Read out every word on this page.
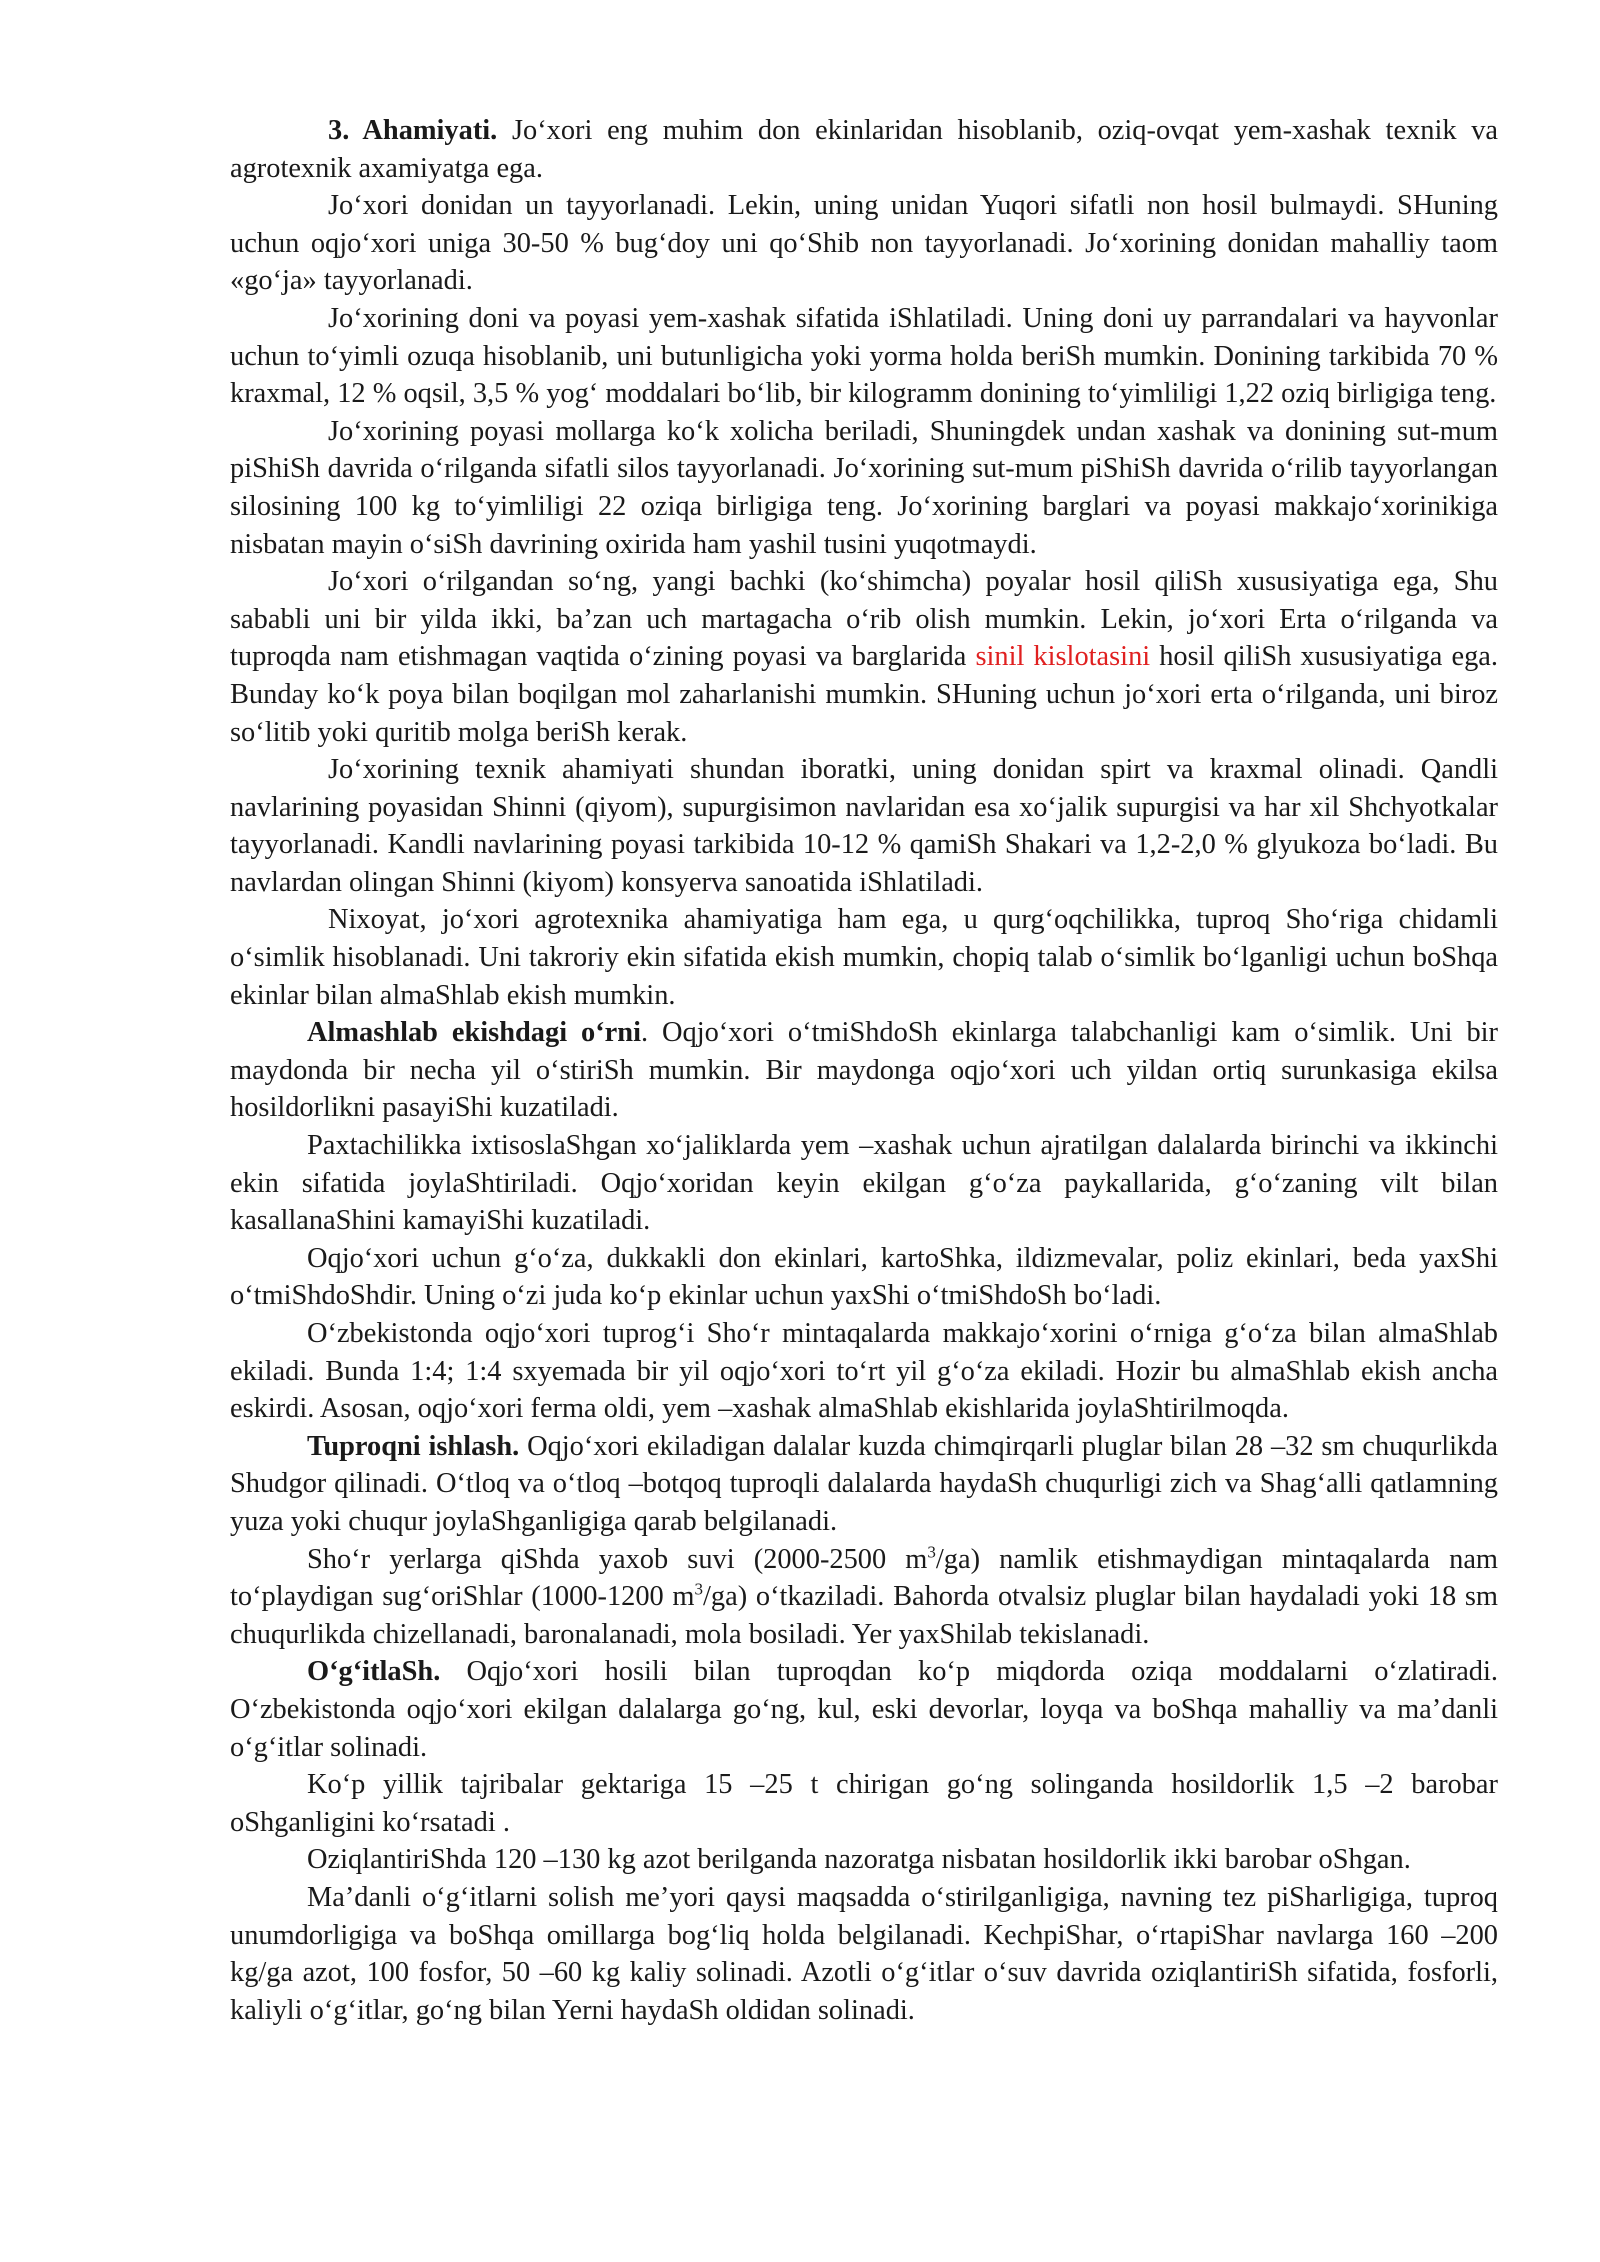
3. Ahamiyati. Jo‘xori eng muhim don ekinlaridan hisoblanib, oziq-ovqat yem-xashak texnik va agrotexnik axamiyatga ega.

Jo‘xori donidan un tayyorlanadi. Lekin, uning unidan Yuqori sifatli non hosil bulmaydi. SHuning uchun oqjo‘xori uniga 30-50 % bug‘doy uni qo‘Shib non tayyorlanadi. Jo‘xorining donidan mahalliy taom «go‘ja» tayyorlanadi.

Jo‘xorining doni va poyasi yem-xashak sifatida iShlatiladi. Uning doni uy parrandalari va hayvonlar uchun to‘yimli ozuqa hisoblanib, uni butunligicha yoki yorma holda beriSh mumkin. Donining tarkibida 70 % kraxmal, 12 % oqsil, 3,5 % yog‘ moddalari bo‘lib, bir kilogramm donining to‘yimliligi 1,22 oziq birligiga teng.

Jo‘xorining poyasi mollarga ko‘k xolicha beriladi, Shuningdek undan xashak va donining sut-mum piShiSh davrida o‘rilganda sifatli silos tayyorlanadi. Jo‘xorining sut-mum piShiSh davrida o‘rilib tayyorlangan silosining 100 kg to‘yimliligi 22 oziqa birligiga teng. Jo‘xorining barglari va poyasi makkajo‘xorinikiga nisbatan mayin o‘siSh davrining oxirida ham yashil tusini yuqotmaydi.

Jo‘xori o‘rilgandan so‘ng, yangi bachki (ko‘shimcha) poyalar hosil qiliSh xususiyatiga ega, Shu sababli uni bir yilda ikki, ba’zan uch martagacha o‘rib olish mumkin. Lekin, jo‘xori Erta o‘rilganda va tuproqda nam etishmagan vaqtida o‘zining poyasi va barglarida sinil kislotasini hosil qiliSh xususiyatiga ega. Bunday ko‘k poya bilan boqilgan mol zaharlanishi mumkin. SHuning uchun jo‘xori erta o‘rilganda, uni biroz so‘litib yoki quritib molga beriSh kerak.

Jo‘xorining texnik ahamiyati shundan iboratki, uning donidan spirt va kraxmal olinadi. Qandli navlarining poyasidan Shinni (qiyom), supurgisimon navlaridan esa xo‘jalik supurgisi va har xil Shchyotkalar tayyorlanadi. Kandli navlarining poyasi tarkibida 10-12 % qamiSh Shakari va 1,2-2,0 % glyukoza bo‘ladi. Bu navlardan olingan Shinni (kiyom) konsyerva sanoatida iShlatiladi.

Nixoyat, jo‘xori agrotexnika ahamiyatiga ham ega, u qurg‘oqchilikka, tuproq Sho‘riga chidamli o‘simlik hisoblanadi. Uni takroriy ekin sifatida ekish mumkin, chopiq talab o‘simlik bo‘lganligi uchun boShqa ekinlar bilan almaShlab ekish mumkin.

Almashlab ekishdagi o‘rni. Oqjo‘xori o‘tmiShdoSh ekinlarga talabchanligi kam o‘simlik. Uni bir maydonda bir necha yil o‘stiriSh mumkin. Bir maydonga oqjo‘xori uch yildan ortiq surunkasiga ekilsa hosildorlikni pasayiShi kuzatiladi.

Paxtachilikka ixtisoslaShgan xo‘jaliklarda yem –xashak uchun ajratilgan dalalarda birinchi va ikkinchi ekin sifatida joylaShtiriladi. Oqjo‘xoridan keyin ekilgan g‘o‘za paykallarida, g‘o‘zaning vilt bilan kasallanaShini kamayiShi kuzatiladi.

Oqjo‘xori uchun g‘o‘za, dukkakli don ekinlari, kartoShka, ildizmevalar, poliz ekinlari, beda yaxShi o‘tmiShdoShdir. Uning o‘zi juda ko‘p ekinlar uchun yaxShi o‘tmiShdoSh bo‘ladi.

O‘zbekistonda oqjo‘xori tuprog‘i Sho‘r mintaqalarda makkajo‘xorini o‘rniga g‘o‘za bilan almaShlab ekiladi. Bunda 1:4; 1:4 sxyemada bir yil oqjo‘xori to‘rt yil g‘o‘za ekiladi. Hozir bu almaShlab ekish ancha eskirdi. Asosan, oqjo‘xori ferma oldi, yem –xashak almaShlab ekishlarida joylaShtirilmoqda.

Tuproqni ishlash. Oqjo‘xori ekiladigan dalalar kuzda chimqirqarli pluglar bilan 28 –32 sm chuqurlikda Shudgor qilinadi. O‘tloq va o‘tloq –botqoq tuproqli dalalarda haydaSh chuqurligi zich va Shag‘alli qatlamning yuza yoki chuqur joylaShganligiga qarab belgilanadi.

Sho‘r yerlarga qiShda yaxob suvi (2000-2500 $m^3/ga$) namlik etishmaydigan mintaqalarda nam to‘playdigan sug‘oriShlar (1000-1200 $m^3/ga$) o‘tkaziladi. Bahorda otvalsiz pluglar bilan haydaladi yoki 18 sm chuqurlikda chizellanadi, baronalanadi, mola bosiladi. Yer yaxShilab tekislanadi.

O‘g‘itlaSh. Oqjo‘xori hosili bilan tuproqdan ko‘p miqdorda oziqa moddalarni o‘zlatiradi. O‘zbekistonda oqjo‘xori ekilgan dalalarga go‘ng, kul, eski devorlar, loyqa va boShqa mahalliy va ma’danli o‘g‘itlar solinadi.

Ko‘p yillik tajribalar gektariga 15 –25 t chirigan go‘ng solinganda hosildorlik 1,5 –2 barobar oShganligini ko‘rsatadi .

OziqlantiriShda 120 –130 kg azot berilganda nazoratga nisbatan hosildorlik ikki barobar oShgan.

Ma’danli o‘g‘itlarni solish me’yori qaysi maqsadda o‘stirilganligiga, navning tez piSharligiga, tuproq unumdorligiga va boShqa omillarga bog‘liq holda belgilanadi. KechpiShar, o‘rtapiShar navlarga 160 –200 kg/ga azot, 100 fosfor, 50 –60 kg kaliy solinadi. Azotli o‘g‘itlar o‘suv davrida oziqlantiriSh sifatida, fosforli, kaliyli o‘g‘itlar, go‘ng bilan Yerni haydaSh oldidan solinadi.
